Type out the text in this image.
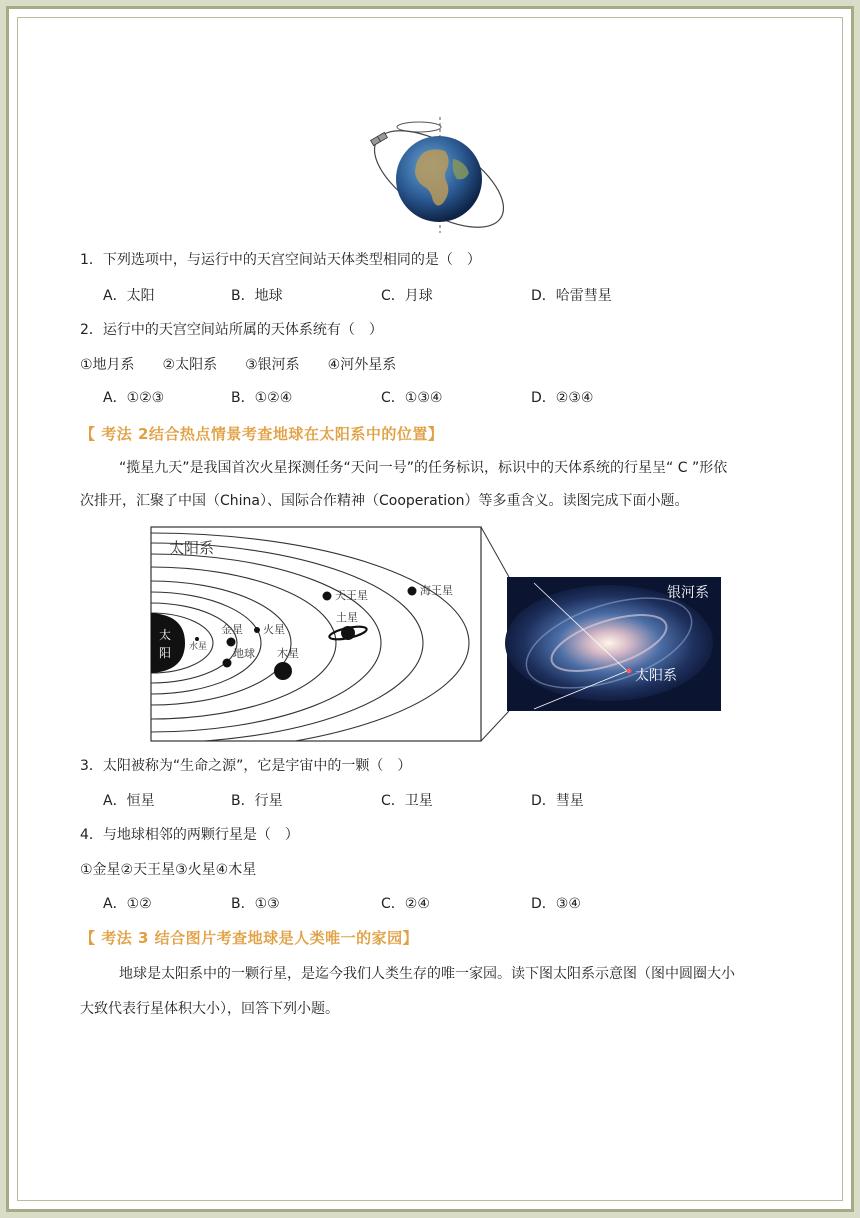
1．下列选项中，与运行中的天宫空间站天体类型相同的是（　）
A．太阳	B．地球	C．月球	D．哈雷彗星
2．运行中的天宫空间站所属的天体系统有（　）
①地月系　　②太阳系　　③银河系　　④河外星系
A．①②③	B．①②④	C．①③④	D．②③④
【 考法 2结合热点情景考查地球在太阳系中的位置】
“揽星九天”是我国首次火星探测任务“天问一号”的任务标识，标识中的天体系统的行星呈“ C ”形依
次排开，汇聚了中国（China）、国际合作精神（Cooperation）等多重含义。读图完成下面小题。
太阳系
太
阳 水星
金星
地球
火星
木星
土星
天王星	海王星	银河系
太阳系
3．太阳被称为“生命之源”，它是宇宙中的一颗（　）
A．恒星	B．行星	C．卫星	D．彗星
4．与地球相邻的两颗行星是（　）
①金星②天王星③火星④木星
A．①②	B．①③	C．②④	D．③④
【 考法 3 结合图片考查地球是人类唯一的家园】
地球是太阳系中的一颗行星，是迄今我们人类生存的唯一家园。读下图太阳系示意图（图中圆圈大小
大致代表行星体积大小），回答下列小题。
